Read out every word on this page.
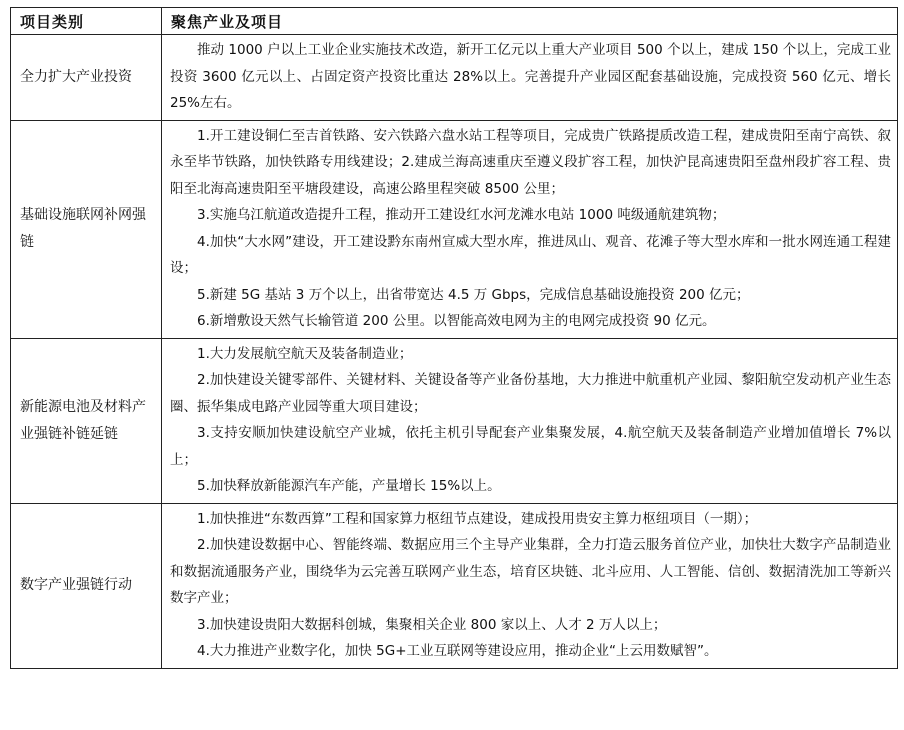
项目类别	聚焦产业及项目
全力扩大产业投资	推动 1000 户以上工业企业实施技术改造，新开工亿元以上重大产业项目 500 个以上，建成 150 个以上，完成工业投资 3600 亿元以上、占固定资产投资比重达 28%以上。完善提升产业园区配套基础设施，完成投资 560 亿元、增长 25%左右。

基础设施联网补网强链	1.开工建设铜仁至吉首铁路、安六铁路六盘水站工程等项目，完成贵广铁路提质改造工程，建成贵阳至南宁高铁、叙永至毕节铁路，加快铁路专用线建设；2.建成兰海高速重庆至遵义段扩容工程，加快沪昆高速贵阳至盘州段扩容工程、贵阳至北海高速贵阳至平塘段建设，高速公路里程突破 8500 公里；

3.实施乌江航道改造提升工程，推动开工建设红水河龙滩水电站 1000 吨级通航建筑物；

4.加快“大水网”建设，开工建设黔东南州宣威大型水库，推进凤山、观音、花滩子等大型水库和一批水网连通工程建设；

5.新建 5G 基站 3 万个以上，出省带宽达 4.5 万 Gbps，完成信息基础设施投资 200 亿元；

6.新增敷设天然气长输管道 200 公里。以智能高效电网为主的电网完成投资 90 亿元。

新能源电池及材料产业强链补链延链	1.大力发展航空航天及装备制造业；

2.加快建设关键零部件、关键材料、关键设备等产业备份基地，大力推进中航重机产业园、黎阳航空发动机产业生态圈、振华集成电路产业园等重大项目建设；

3.支持安顺加快建设航空产业城，依托主机引导配套产业集聚发展，4.航空航天及装备制造产业增加值增长 7%以上；

5.加快释放新能源汽车产能，产量增长 15%以上。

数字产业强链行动	1.加快推进“东数西算”工程和国家算力枢纽节点建设，建成投用贵安主算力枢纽项目（一期）；

2.加快建设数据中心、智能终端、数据应用三个主导产业集群，全力打造云服务首位产业，加快壮大数字产品制造业和数据流通服务产业，围绕华为云完善互联网产业生态，培育区块链、北斗应用、人工智能、信创、数据清洗加工等新兴数字产业；

3.加快建设贵阳大数据科创城，集聚相关企业 800 家以上、人才 2 万人以上；

4.大力推进产业数字化，加快 5G+工业互联网等建设应用，推动企业“上云用数赋智”。
